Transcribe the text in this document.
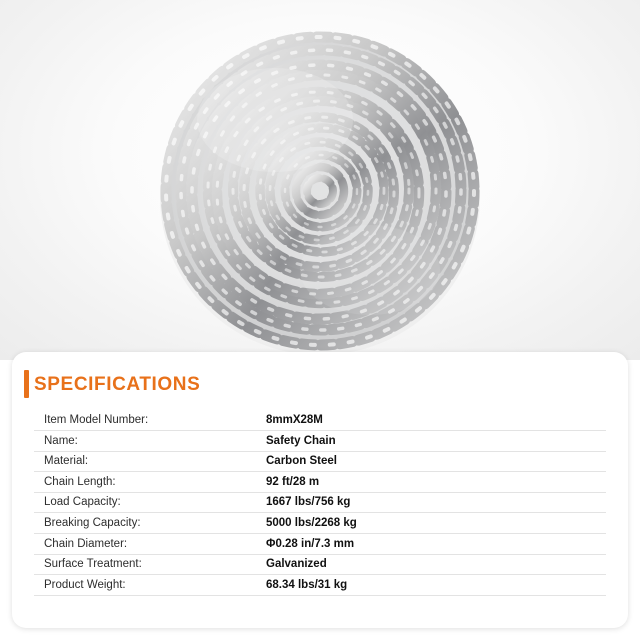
SPECIFICATIONS
Item Model Number:	8mmX28M
Name:	Safety Chain
Material:	Carbon Steel
Chain Length:	92 ft/28 m
Load Capacity:	1667 lbs/756 kg
Breaking Capacity:	5000 lbs/2268 kg
Chain Diameter:	Φ0.28 in/7.3 mm
Surface Treatment:	Galvanized
Product Weight:	68.34 lbs/31 kg
